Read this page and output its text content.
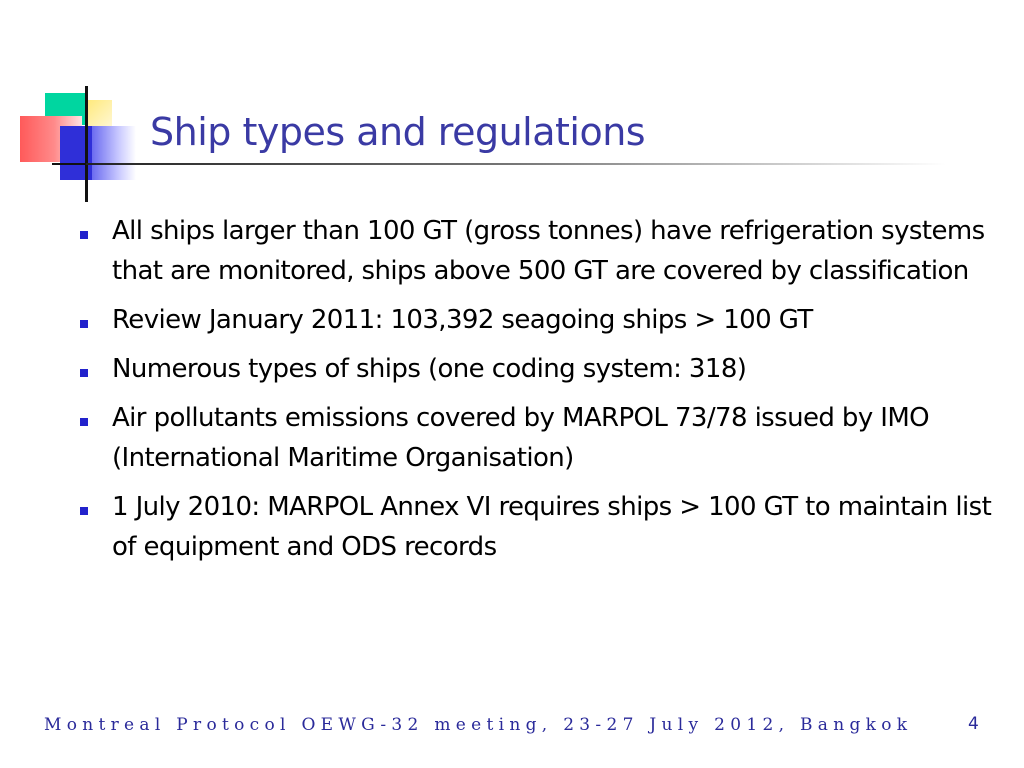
Ship types and regulations
All ships larger than 100 GT (gross tonnes) have refrigeration systems that are monitored, ships above 500 GT are covered by classification
Review January 2011: 103,392 seagoing ships > 100 GT
Numerous types of ships (one coding system: 318)
Air pollutants emissions covered by MARPOL 73/78 issued by IMO (International Maritime Organisation)
1 July 2010: MARPOL Annex VI requires ships > 100 GT to maintain list of equipment and ODS records
Montreal Protocol OEWG-32 meeting, 23-27 July 2012, Bangkok	4
